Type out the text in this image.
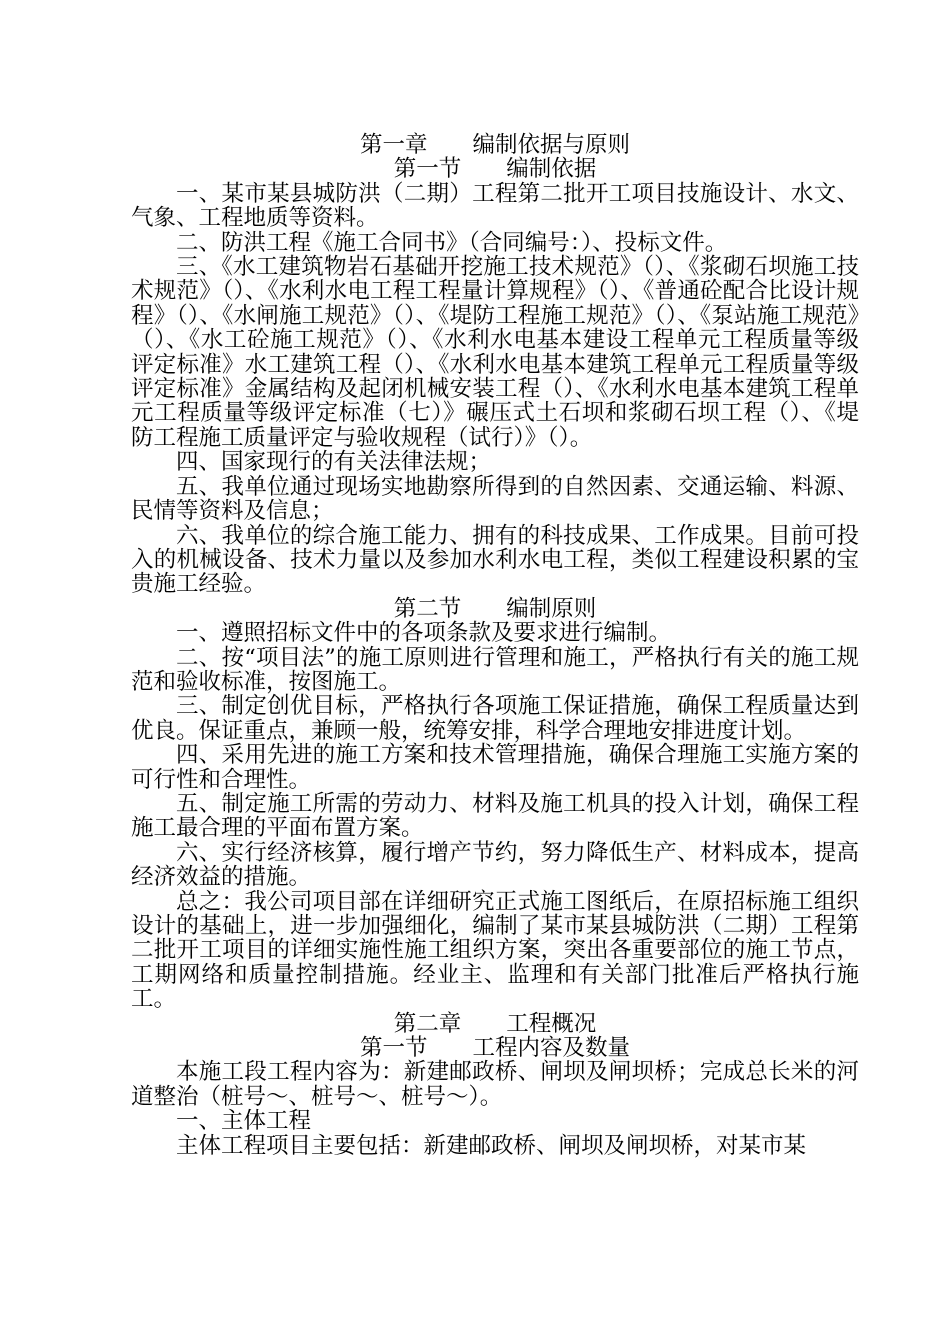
第一章　　编制依据与原则
第一节　　编制依据
一、某市某县城防洪（二期）工程第二批开工项目技施设计、水文、气象、工程地质等资料。
二、防洪工程《施工合同书》（合同编号：）、投标文件。
三、《水工建筑物岩石基础开挖施工技术规范》（）、《浆砌石坝施工技术规范》（）、《水利水电工程工程量计算规程》（）、《普通砼配合比设计规程》（）、《水闸施工规范》（）、《堤防工程施工规范》（）、《泵站施工规范》（）、《水工砼施工规范》（）、《水利水电基本建设工程单元工程质量等级评定标准》水工建筑工程（）、《水利水电基本建筑工程单元工程质量等级评定标准》金属结构及起闭机械安装工程（）、《水利水电基本建筑工程单元工程质量等级评定标准（七）》碾压式土石坝和浆砌石坝工程（）、《堤防工程施工质量评定与验收规程（试行）》（）。
四、国家现行的有关法律法规；
五、我单位通过现场实地勘察所得到的自然因素、交通运输、料源、民情等资料及信息；
六、我单位的综合施工能力、拥有的科技成果、工作成果。目前可投入的机械设备、技术力量以及参加水利水电工程，类似工程建设积累的宝贵施工经验。
第二节　　编制原则
一、遵照招标文件中的各项条款及要求进行编制。
二、按“项目法”的施工原则进行管理和施工，严格执行有关的施工规范和验收标准，按图施工。
三、制定创优目标，严格执行各项施工保证措施，确保工程质量达到优良。保证重点，兼顾一般，统筹安排，科学合理地安排进度计划。
四、采用先进的施工方案和技术管理措施，确保合理施工实施方案的可行性和合理性。
五、制定施工所需的劳动力、材料及施工机具的投入计划，确保工程施工最合理的平面布置方案。
六、实行经济核算，履行增产节约，努力降低生产、材料成本，提高经济效益的措施。
总之：我公司项目部在详细研究正式施工图纸后，在原招标施工组织设计的基础上，进一步加强细化，编制了某市某县城防洪（二期）工程第二批开工项目的详细实施性施工组织方案，突出各重要部位的施工节点，工期网络和质量控制措施。经业主、监理和有关部门批准后严格执行施工。
第二章　　工程概况
第一节　　工程内容及数量
本施工段工程内容为：新建邮政桥、闸坝及闸坝桥；完成总长米的河道整治（桩号～、桩号～、桩号～）。
一、主体工程
主体工程项目主要包括：新建邮政桥、闸坝及闸坝桥，对某市某
